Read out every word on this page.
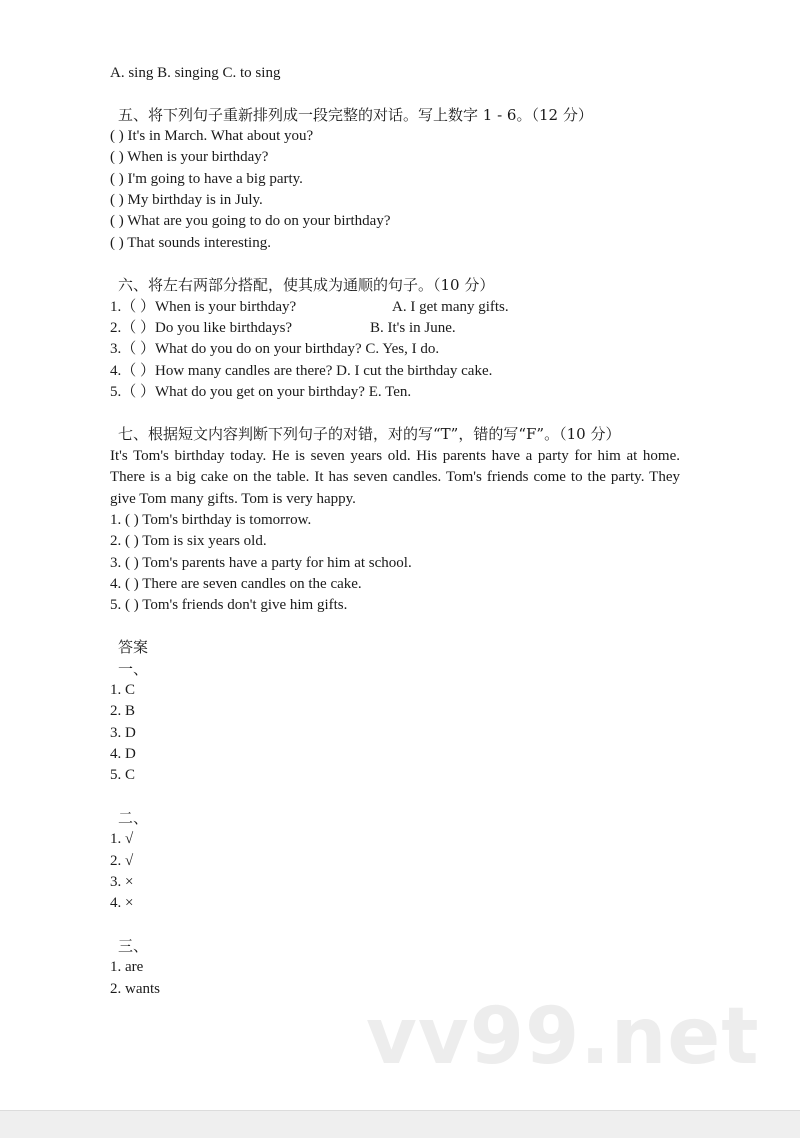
A. sing B. singing C. to sing
五、将下列句子重新排列成一段完整的对话。写上数字 1 - 6。（12 分）
( ) It's in March. What about you?
( ) When is your birthday?
( ) I'm going to have a big party.
( ) My birthday is in July.
( ) What are you going to do on your birthday?
( ) That sounds interesting.
六、将左右两部分搭配，使其成为通顺的句子。（10 分）
1.（ ）When is your birthday?	A. I get many gifts.
2.（ ）Do you like birthdays?	B. It's in June.
3.（ ）What do you do on your birthday? C. Yes, I do.
4.（ ）How many candles are there? D. I cut the birthday cake.
5.（ ）What do you get on your birthday? E. Ten.
七、根据短文内容判断下列句子的对错，对的写“T”，错的写“F”。（10 分）
It's Tom's birthday today. He is seven years old. His parents have a party for him at home. There is a big cake on the table. It has seven candles. Tom's friends come to the party. They give Tom many gifts. Tom is very happy.
1. ( ) Tom's birthday is tomorrow.
2. ( ) Tom is six years old.
3. ( ) Tom's parents have a party for him at school.
4. ( ) There are seven candles on the cake.
5. ( ) Tom's friends don't give him gifts.
答案
一、
1. C
2. B
3. D
4. D
5. C
二、
1. √
2. √
3. ×
4. ×
三、
1. are
2. wants
vv99.net
